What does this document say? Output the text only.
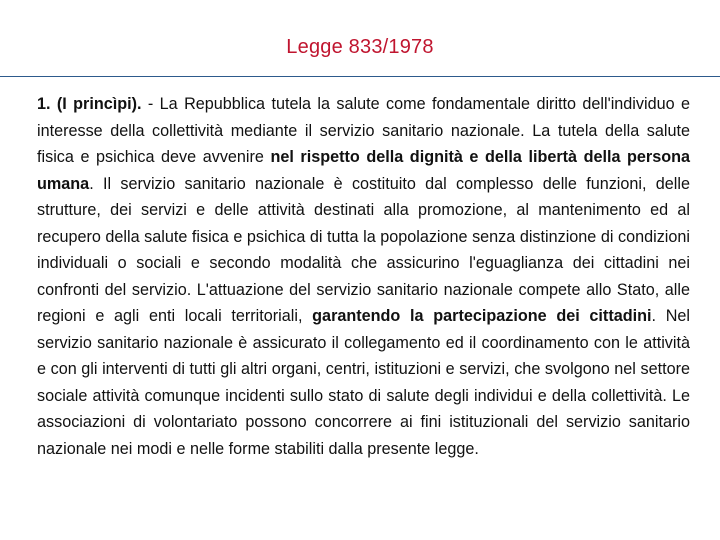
Legge 833/1978

1. (I princìpi). - La Repubblica tutela la salute come fondamentale diritto dell'individuo e interesse della collettività mediante il servizio sanitario nazionale. La tutela della salute fisica e psichica deve avvenire nel rispetto della dignità e della libertà della persona umana. Il servizio sanitario nazionale è costituito dal complesso delle funzioni, delle strutture, dei servizi e delle attività destinati alla promozione, al mantenimento ed al recupero della salute fisica e psichica di tutta la popolazione senza distinzione di condizioni individuali o sociali e secondo modalità che assicurino l'eguaglianza dei cittadini nei confronti del servizio. L'attuazione del servizio sanitario nazionale compete allo Stato, alle regioni e agli enti locali territoriali, garantendo la partecipazione dei cittadini. Nel servizio sanitario nazionale è assicurato il collegamento ed il coordinamento con le attività e con gli interventi di tutti gli altri organi, centri, istituzioni e servizi, che svolgono nel settore sociale attività comunque incidenti sullo stato di salute degli individui e della collettività. Le associazioni di volontariato possono concorrere ai fini istituzionali del servizio sanitario nazionale nei modi e nelle forme stabiliti dalla presente legge.
